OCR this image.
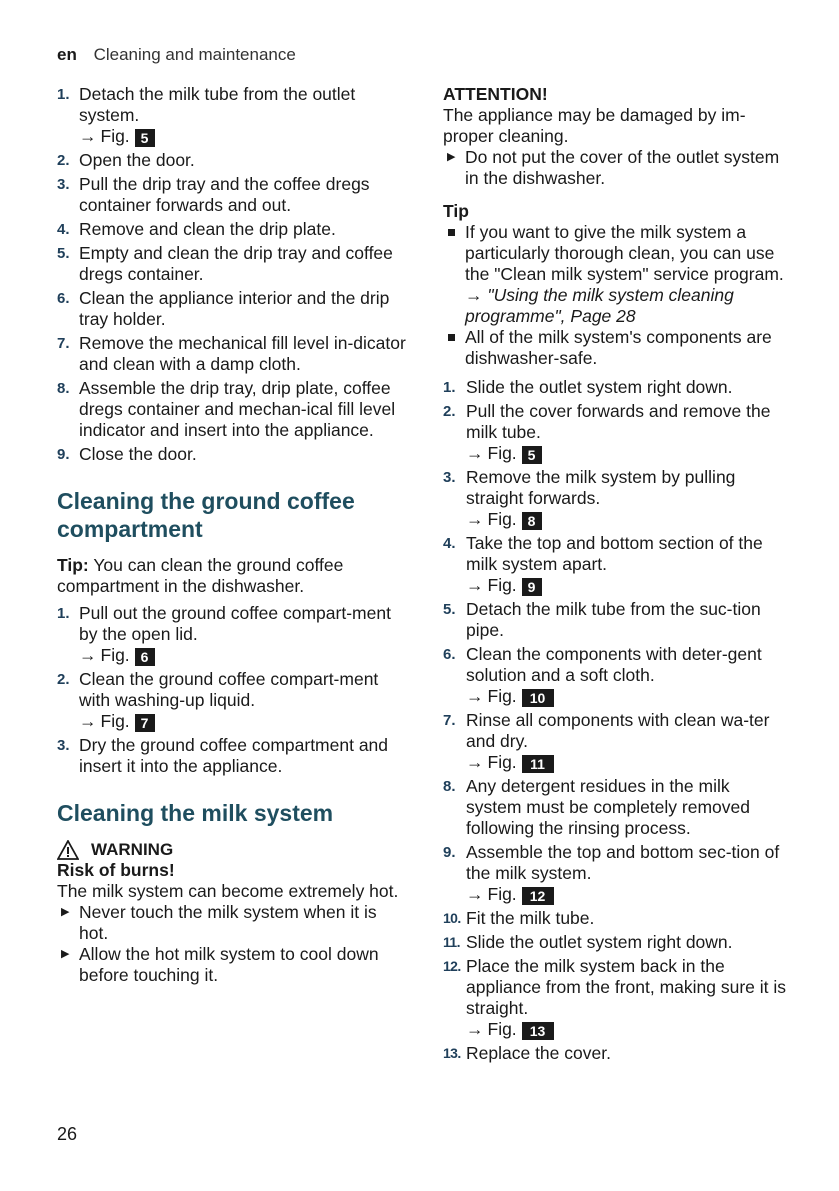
en Cleaning and maintenance
1. Detach the milk tube from the outlet system.
→ Fig. 5
2. Open the door.
3. Pull the drip tray and the coffee dregs container forwards and out.
4. Remove and clean the drip plate.
5. Empty and clean the drip tray and coffee dregs container.
6. Clean the appliance interior and the drip tray holder.
7. Remove the mechanical fill level in-dicator and clean with a damp cloth.
8. Assemble the drip tray, drip plate, coffee dregs container and mechan-ical fill level indicator and insert into the appliance.
9. Close the door.
Cleaning the ground coffee compartment

Tip: You can clean the ground coffee compartment in the dishwasher.

1. Pull out the ground coffee compart-ment by the open lid.
→ Fig. 6
2. Clean the ground coffee compart-ment with washing-up liquid.
→ Fig. 7
3. Dry the ground coffee compartment and insert it into the appliance.
Cleaning the milk system
WARNING

Risk of burns!

The milk system can become extremely hot.

▶ Never touch the milk system when it is hot.
▶ Allow the hot milk system to cool down before touching it.

ATTENTION!

The appliance may be damaged by im-proper cleaning.

▶ Do not put the cover of the outlet system in the dishwasher.

Tip

If you want to give the milk system a particularly thorough clean, you can use the "Clean milk system" service program.
→ "Using the milk system cleaning programme", Page 28
All of the milk system's components are dishwasher-safe.
1. Slide the outlet system right down.
2. Pull the cover forwards and remove the milk tube.
→ Fig. 5
3. Remove the milk system by pulling straight forwards.
→ Fig. 8
4. Take the top and bottom section of the milk system apart.
→ Fig. 9
5. Detach the milk tube from the suc-tion pipe.
6. Clean the components with deter-gent solution and a soft cloth.
→ Fig. 10
7. Rinse all components with clean wa-ter and dry.
→ Fig. 11
8. Any detergent residues in the milk system must be completely removed following the rinsing process.
9. Assemble the top and bottom sec-tion of the milk system.
→ Fig. 12
10. Fit the milk tube.
11. Slide the outlet system right down.
12. Place the milk system back in the appliance from the front, making sure it is straight.
→ Fig. 13
13. Replace the cover.
26
